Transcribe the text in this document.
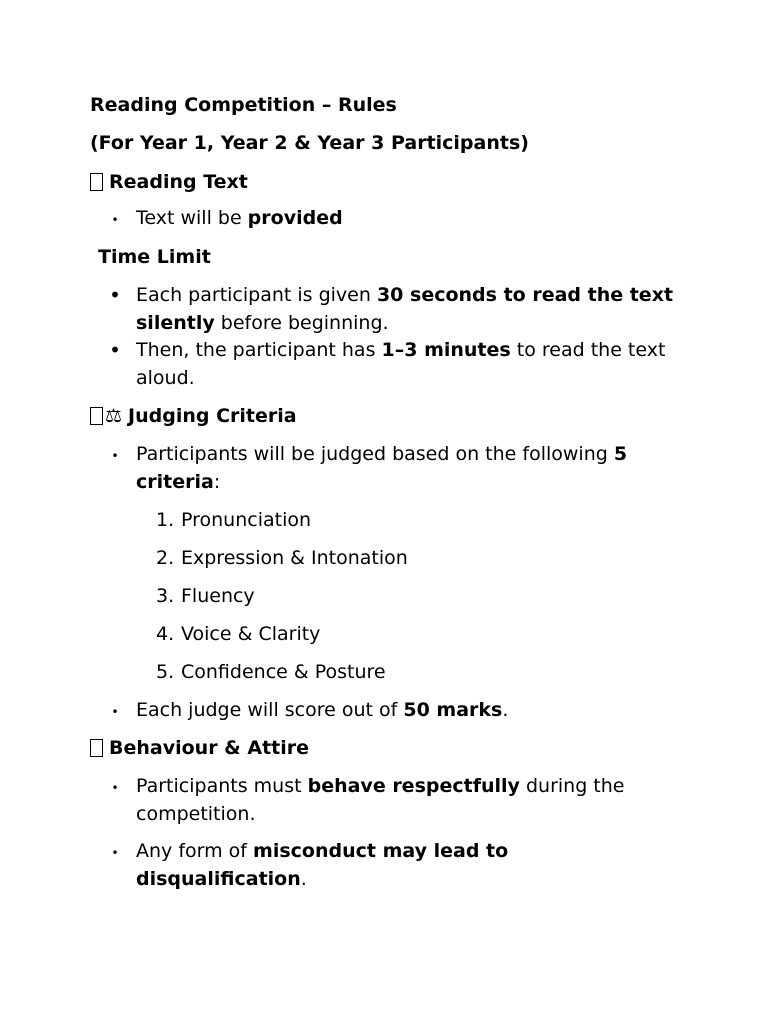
Reading Competition – Rules
(For Year 1, Year 2 & Year 3 Participants)
Reading Text
• Text will be provided

Time Limit
• Each participant is given 30 seconds to read the text silently before beginning.

• Then, the participant has 1–3 minutes to read the text aloud.

⚖ Judging Criteria
• Participants will be judged based on the following 5 criteria:

1. Pronunciation
2. Expression & Intonation
3. Fluency
4. Voice & Clarity
5. Confidence & Posture
• Each judge will score out of 50 marks.

Behaviour & Attire
• Participants must behave respectfully during the competition.

• Any form of misconduct may lead to disqualification.
